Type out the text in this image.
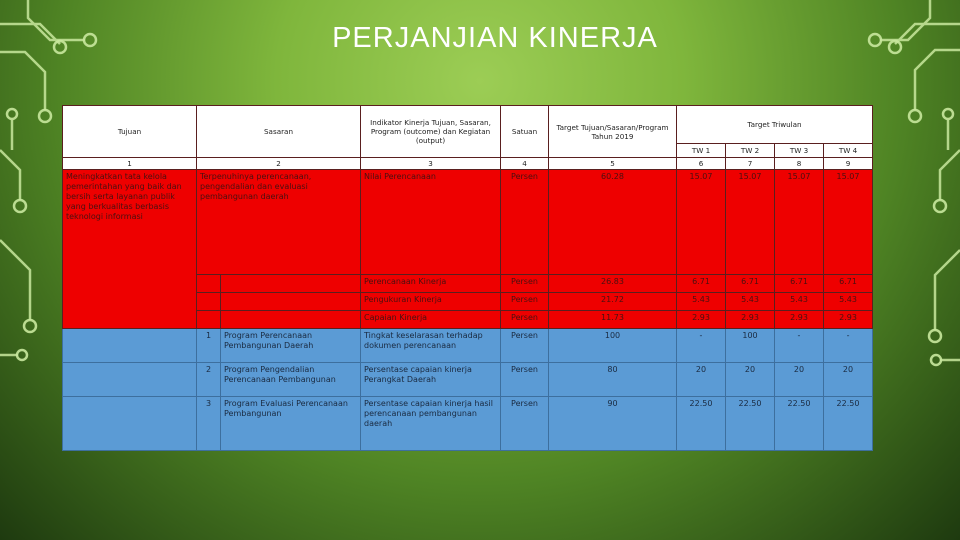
PERJANJIAN KINERJA
Tujuan	Sasaran		Indikator Kinerja Tujuan, Sasaran, Program (outcome) dan Kegiatan (output)	Satuan	Target Tujuan/Sasaran/Program Tahun 2019	Target Triwulan			
						TW 1	TW 2	TW 3	TW 4
1	2		3	4	5	6	7	8	9
Meningkatkan tata kelola pemerintahan yang baik dan bersih serta layanan publik yang berkualitas berbasis teknologi informasi	Terpenuhinya perencanaan, pengendalian dan evaluasi pembangunan daerah		Nilai Perencanaan	Persen	60.28	15.07	15.07	15.07	15.07
			Perencanaan Kinerja	Persen	26.83	6.71	6.71	6.71	6.71
			Pengukuran Kinerja	Persen	21.72	5.43	5.43	5.43	5.43
			Capaian Kinerja	Persen	11.73	2.93	2.93	2.93	2.93
	1	Program Perencanaan Pembangunan Daerah	Tingkat keselarasan terhadap dokumen perencanaan	Persen	100	-	100	-	-
	2	Program Pengendalian Perencanaan Pembangunan	Persentase capaian kinerja Perangkat Daerah	Persen	80	20	20	20	20
	3	Program Evaluasi Perencanaan Pembangunan	Persentase capaian kinerja hasil perencanaan pembangunan daerah	Persen	90	22.50	22.50	22.50	22.50
